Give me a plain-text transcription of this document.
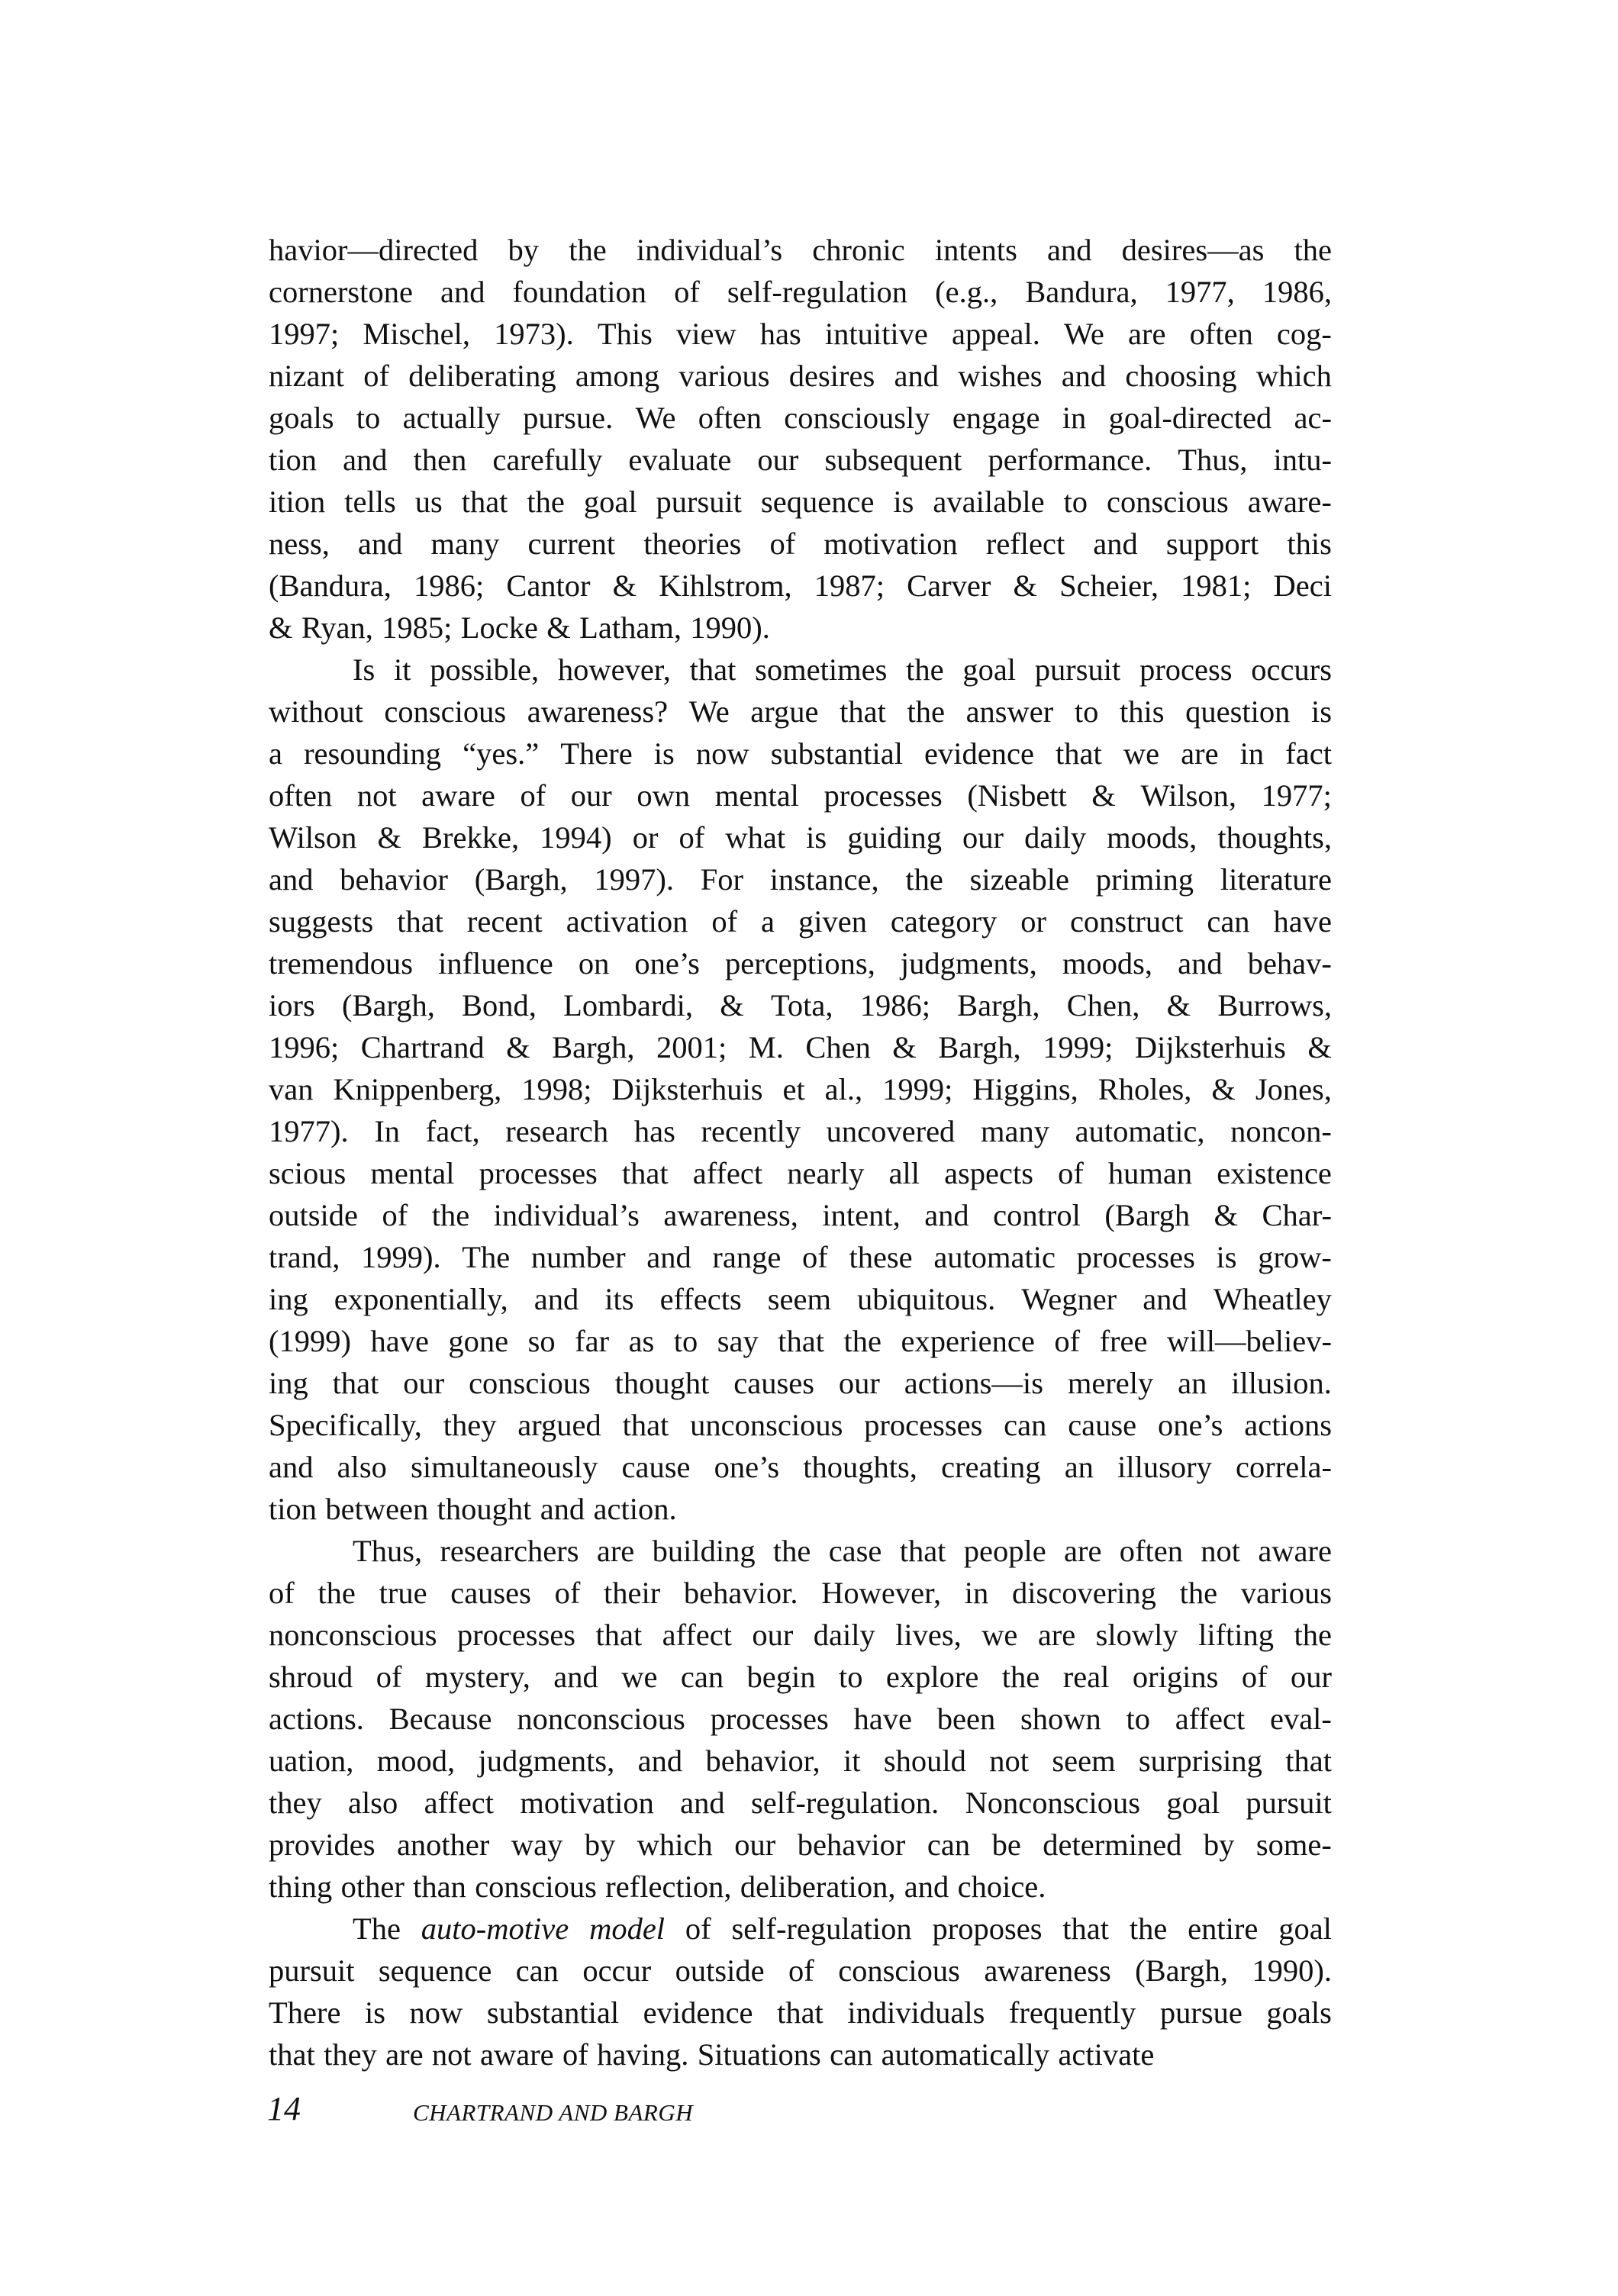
havior—directed by the individual’s chronic intents and desires—as the
cornerstone and foundation of self-regulation (e.g., Bandura, 1977, 1986,
1997; Mischel, 1973). This view has intuitive appeal. We are often cog-
nizant of deliberating among various desires and wishes and choosing which
goals to actually pursue. We often consciously engage in goal-directed ac-
tion and then carefully evaluate our subsequent performance. Thus, intu-
ition tells us that the goal pursuit sequence is available to conscious aware-
ness, and many current theories of motivation reflect and support this
(Bandura, 1986; Cantor & Kihlstrom, 1987; Carver & Scheier, 1981; Deci
& Ryan, 1985; Locke & Latham, 1990).
Is it possible, however, that sometimes the goal pursuit process occurs
without conscious awareness? We argue that the answer to this question is
a resounding “yes.” There is now substantial evidence that we are in fact
often not aware of our own mental processes (Nisbett & Wilson, 1977;
Wilson & Brekke, 1994) or of what is guiding our daily moods, thoughts,
and behavior (Bargh, 1997). For instance, the sizeable priming literature
suggests that recent activation of a given category or construct can have
tremendous influence on one’s perceptions, judgments, moods, and behav-
iors (Bargh, Bond, Lombardi, & Tota, 1986; Bargh, Chen, & Burrows,
1996; Chartrand & Bargh, 2001; M. Chen & Bargh, 1999; Dijksterhuis &
van Knippenberg, 1998; Dijksterhuis et al., 1999; Higgins, Rholes, & Jones,
1977). In fact, research has recently uncovered many automatic, noncon-
scious mental processes that affect nearly all aspects of human existence
outside of the individual’s awareness, intent, and control (Bargh & Char-
trand, 1999). The number and range of these automatic processes is grow-
ing exponentially, and its effects seem ubiquitous. Wegner and Wheatley
(1999) have gone so far as to say that the experience of free will—believ-
ing that our conscious thought causes our actions—is merely an illusion.
Specifically, they argued that unconscious processes can cause one’s actions
and also simultaneously cause one’s thoughts, creating an illusory correla-
tion between thought and action.
Thus, researchers are building the case that people are often not aware
of the true causes of their behavior. However, in discovering the various
nonconscious processes that affect our daily lives, we are slowly lifting the
shroud of mystery, and we can begin to explore the real origins of our
actions. Because nonconscious processes have been shown to affect eval-
uation, mood, judgments, and behavior, it should not seem surprising that
they also affect motivation and self-regulation. Nonconscious goal pursuit
provides another way by which our behavior can be determined by some-
thing other than conscious reflection, deliberation, and choice.
The auto-motive model of self-regulation proposes that the entire goal
pursuit sequence can occur outside of conscious awareness (Bargh, 1990).
There is now substantial evidence that individuals frequently pursue goals
that they are not aware of having. Situations can automatically activate
14	CHARTRAND AND BARGH
